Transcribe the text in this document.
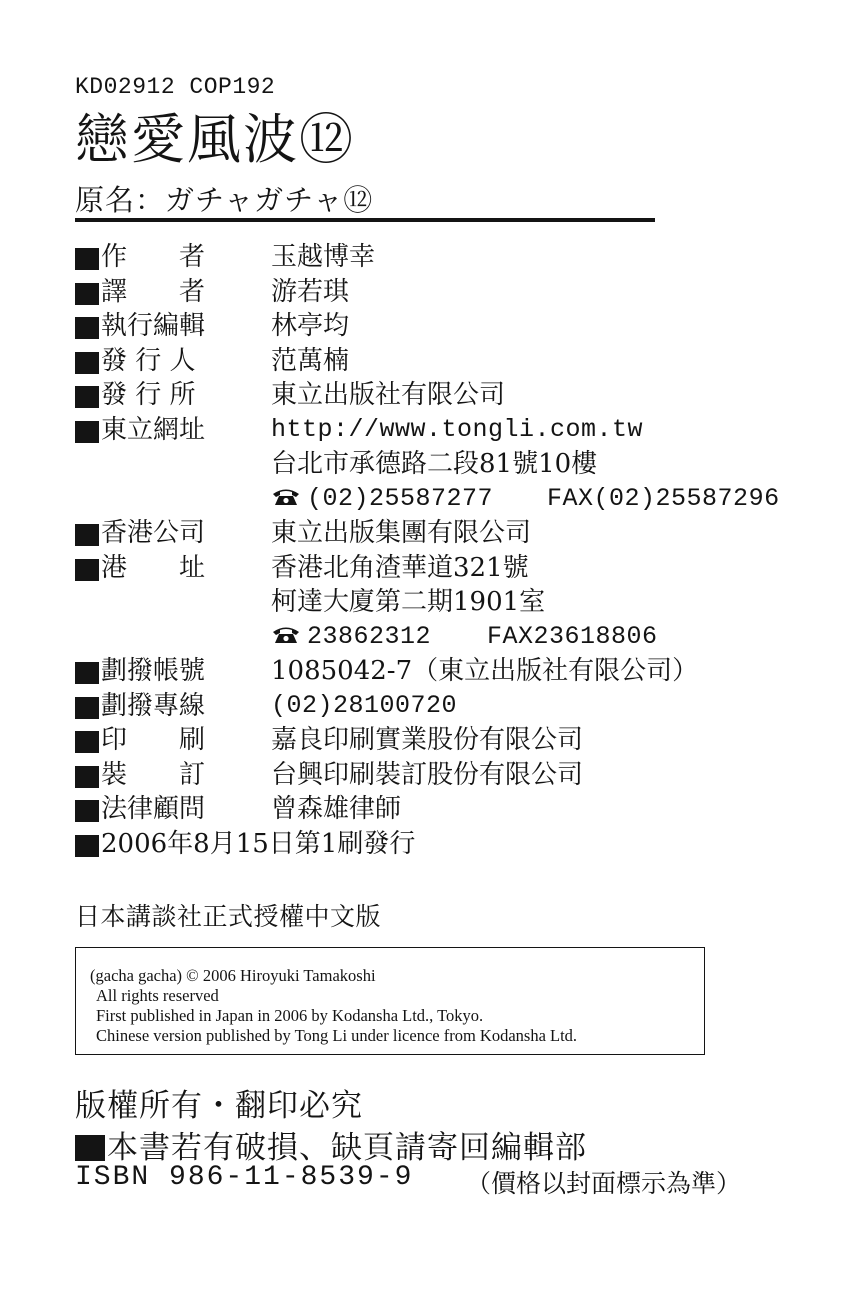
KD02912 COP192
戀愛風波⑫
原名：ガチャガチャ⑫
作　　者	玉越博幸
譯　　者	游若琪
執行編輯	林亭均
發 行 人	范萬楠
發 行 所	東立出版社有限公司
東立網址	http://www.tongli.com.tw
台北市承德路二段81號10樓
(02)25587277 FAX(02)25587296
香港公司	東立出版集團有限公司
港　　址	香港北角渣華道321號
柯達大廈第二期1901室
23862312 FAX23618806
劃撥帳號	1085042-7（東立出版社有限公司）
劃撥專線	(02)28100720
印　　刷	嘉良印刷實業股份有限公司
裝　　訂	台興印刷裝訂股份有限公司
法律顧問	曾森雄律師
2006年8月15日第1刷發行
日本講談社正式授權中文版
(gacha gacha) © 2006 Hiroyuki Tamakoshi
All rights reserved
First published in Japan in 2006 by Kodansha Ltd., Tokyo.
Chinese version published by Tong Li under licence from Kodansha Ltd.
版權所有・翻印必究
本書若有破損、缺頁請寄回編輯部
ISBN 986-11-8539-9 （價格以封面標示為準）
